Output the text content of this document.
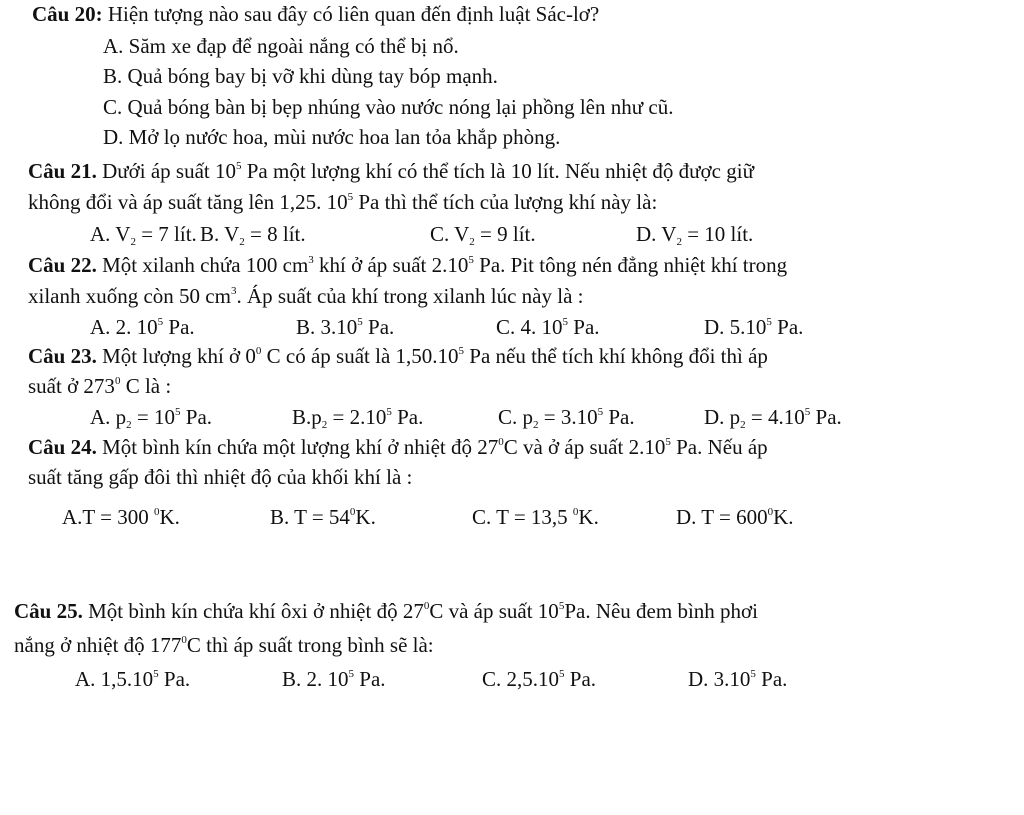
Câu 20: Hiện tượng nào sau đây có liên quan đến định luật Sác-lơ?
A. Săm xe đạp để ngoài nắng có thể bị nổ.
B. Quả bóng bay bị vỡ khi dùng tay bóp mạnh.
C. Quả bóng bàn bị bẹp nhúng vào nước nóng lại phồng lên như cũ.
D. Mở lọ nước hoa, mùi nước hoa lan tỏa khắp phòng.
Câu 21. Dưới áp suất $10^5$ Pa một lượng khí có thể tích là 10 lít. Nếu nhiệt độ được giữ
không đổi và áp suất tăng lên 1,25. $10^5$ Pa thì thể tích của lượng khí này là:
A. $V_2 = 7$ lít. B. $V_2 = 8$ lít.	C. $V_2 = 9$ lít.	D. $V_2 = 10$ lít.
Câu 22. Một xilanh chứa 100 $cm^3$ khí ở áp suất 2.10$^5$ Pa. Pit tông nén đẳng nhiệt khí trong
xilanh xuống còn 50 $cm^3$. Áp suất của khí trong xilanh lúc này là :
A. 2. $10^5$ Pa.	B. 3.10$^5$ Pa.	C. 4. $10^5$ Pa.	D. 5.10$^5$ Pa.
Câu 23. Một lượng khí ở $0^0$ C có áp suất là 1,50.10$^5$ Pa nếu thể tích khí không đổi thì áp
suất ở $273^0$ C là :
A. $p_2 = 10^5$ Pa.	$B.p_2 = 2.10^5$ Pa.	C. $p_2 = 3.10^5$ Pa.	D. $p_2 = 4.10^5$ Pa.
Câu 24. Một bình kín chứa một lượng khí ở nhiệt độ $27^0C$ và ở áp suất 2.10$^5$ Pa. Nếu áp
suất tăng gấp đôi thì nhiệt độ của khối khí là :
A.T = 300 $^0$K.	B. $T = 54^0K$.	C. T = 13,5 $^0$K.	D. $T = 600^0K$.
Câu 25. Một bình kín chứa khí ôxi ở nhiệt độ $27^0C$ và áp suất $10^5Pa$. Nêu đem bình phơi
nắng ở nhiệt độ $177^0C$ thì áp suất trong bình sẽ là:
A. 1,5.10$^5$ Pa.	B. 2. $10^5$ Pa.	C. 2,5.10$^5$ Pa.	D. 3.10$^5$ Pa.
